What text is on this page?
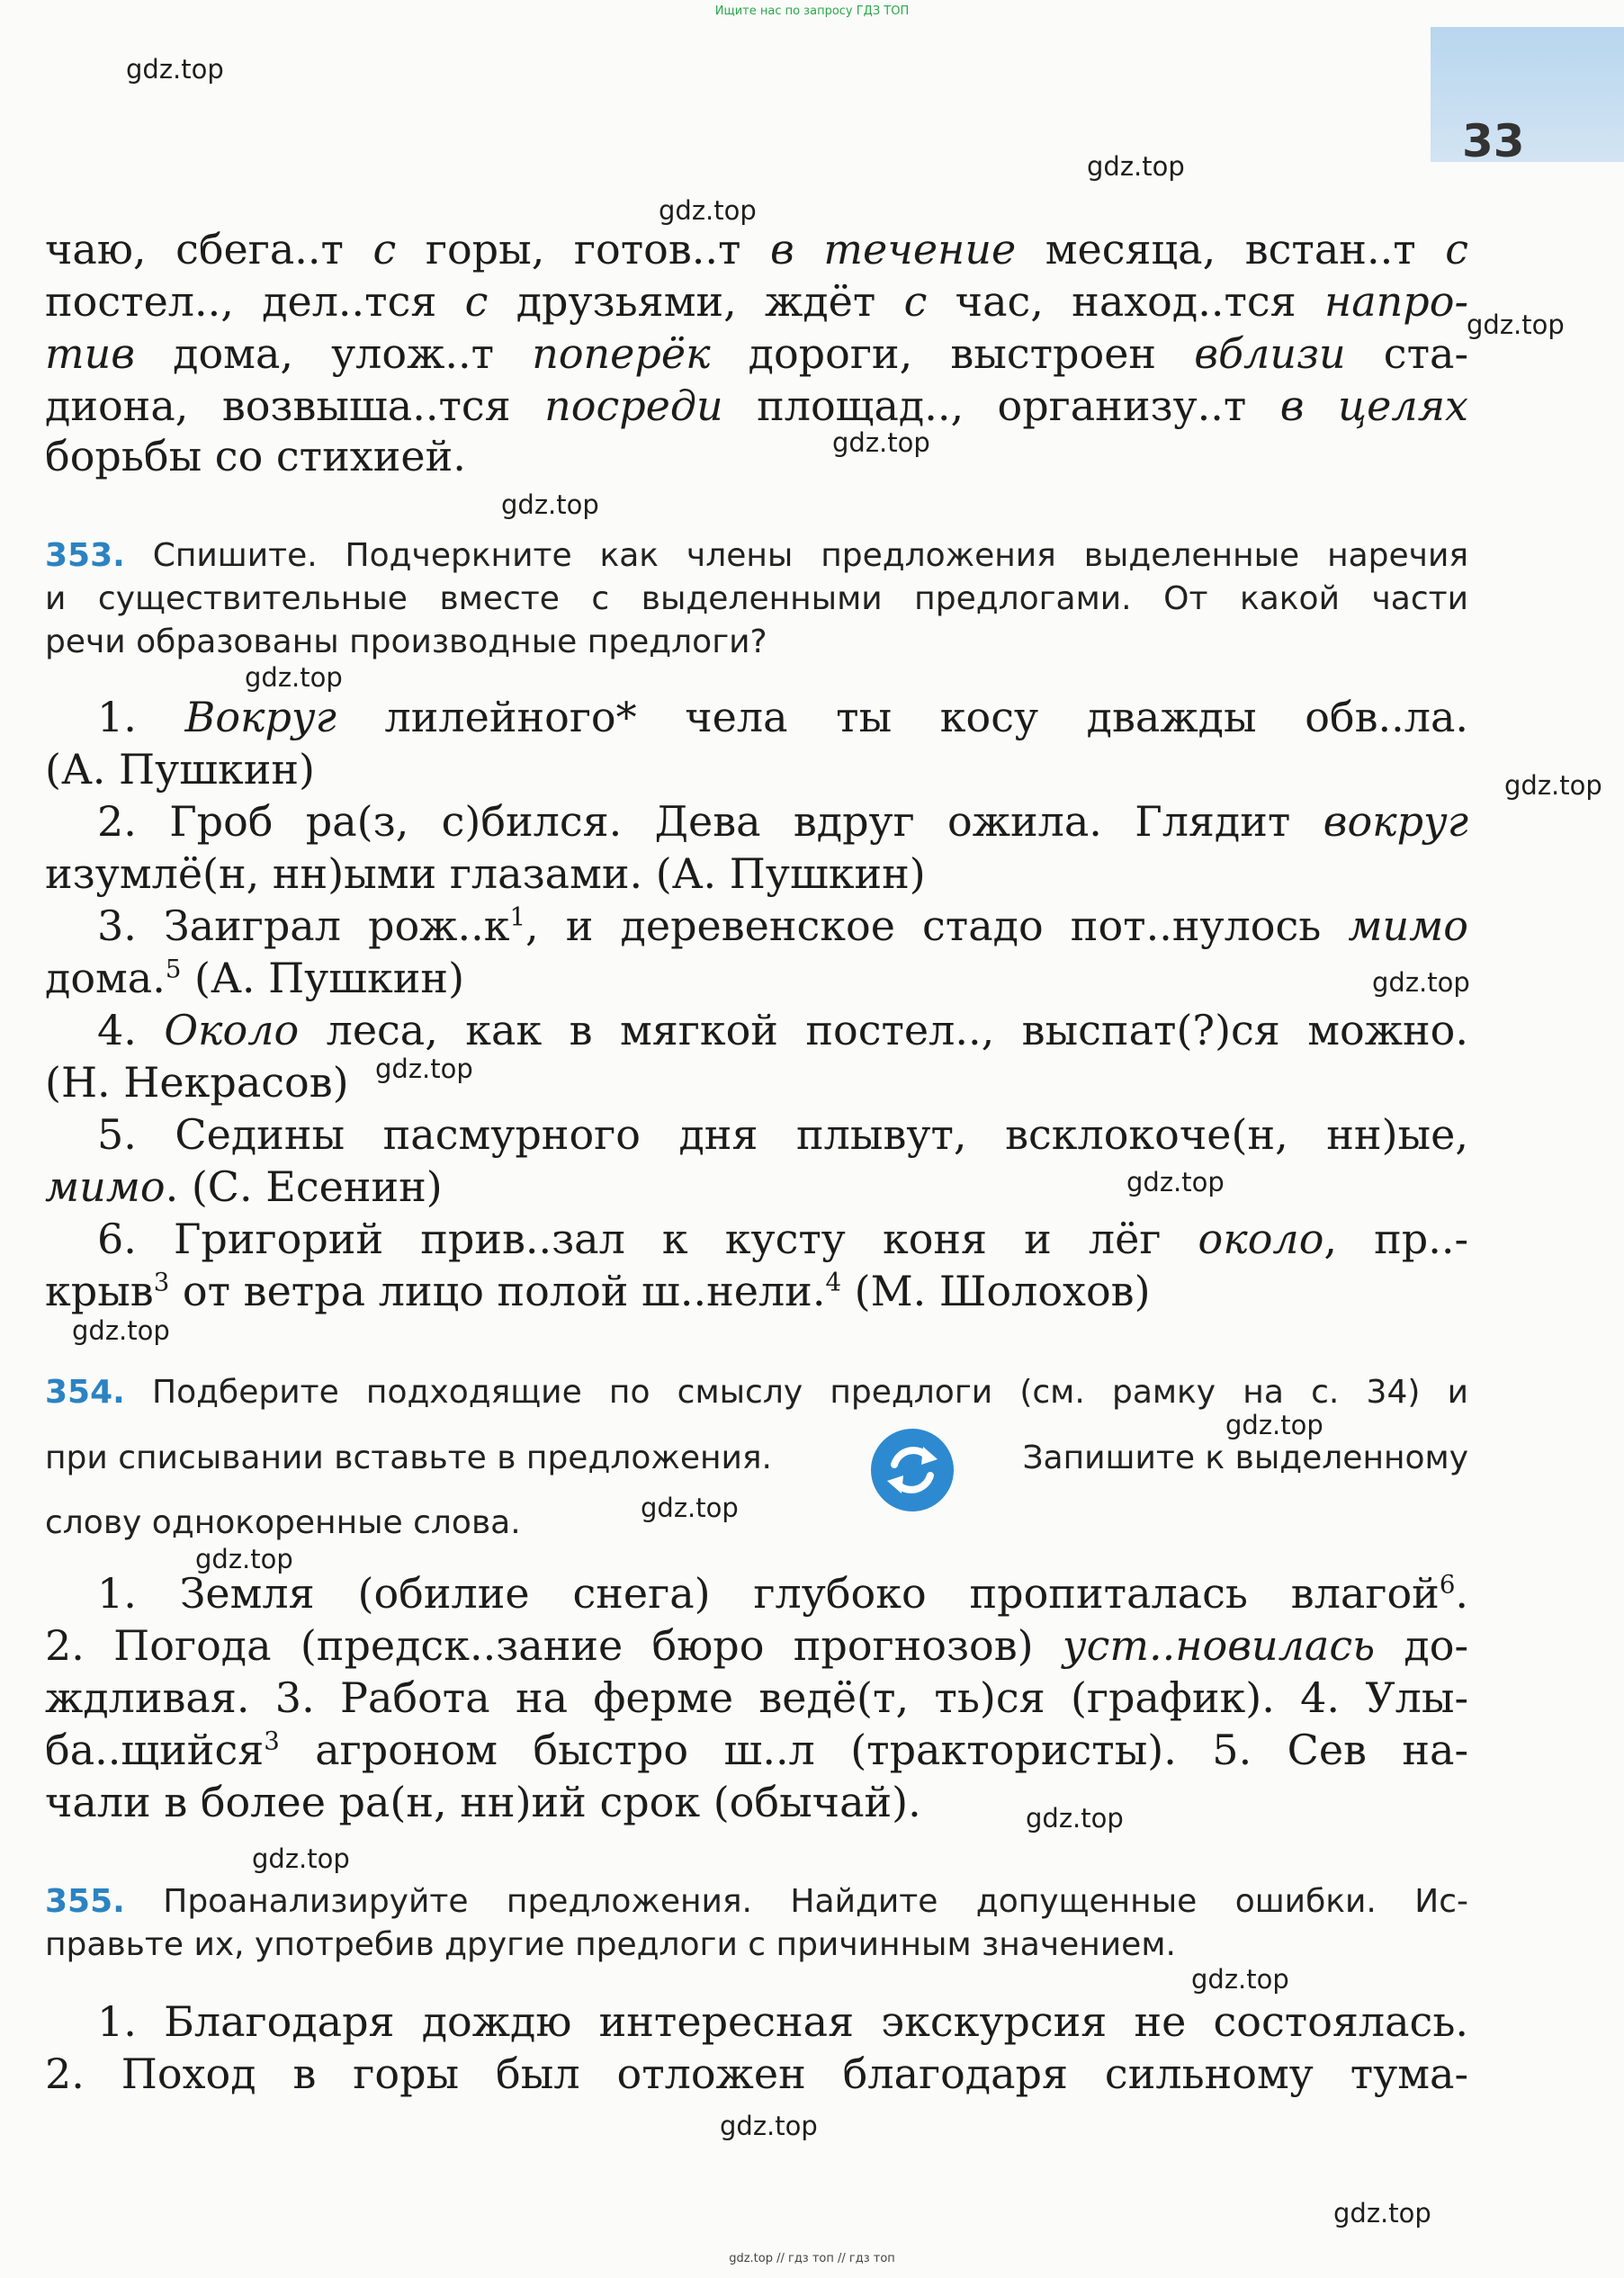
Ищите нас по запросу ГДЗ ТОП
33
чаю, сбега..т с горы, готов..т в течение месяца, встан..т с
постел.., дел..тся с друзьями, ждёт с час, наход..тся напро-
тив дома, улож..т поперёк дороги, выстроен вблизи ста-
диона, возвыша..тся посреди площад.., организу..т в целях
борьбы со стихией.
353. Спишите. Подчеркните как члены предложения выделенные наречия
и существительные вместе с выделенными предлогами. От какой части
речи образованы производные предлоги?
1. Вокруг лилейного* чела ты косу дважды обв..ла.
(А. Пушкин)
2. Гроб ра(з, с)бился. Дева вдруг ожила. Глядит вокруг
изумлё(н, нн)ыми глазами. (А. Пушкин)
3. Заиграл $рож..к^1$, и деревенское стадо пот..нулось мимо
дома.$^5$ (А. Пушкин)
4. Около леса, как в мягкой постел.., выспат(?)ся можно.
(Н. Некрасов)
5. Седины пасмурного дня плывут, всклокоче(н, нн)ые,
мимо. (С. Есенин)
6. Григорий прив..зал к кусту коня и лёг около, пр..-
крыв$^3$ от ветра лицо полой ш..нели.$^4$ (М. Шолохов)
354. Подберите подходящие по смыслу предлоги (см. рамку на с. 34) и
при списывании вставьте в предложения.	Запишите к выделенному
слову однокоренные слова.
1. Земля (обилие снега) глубоко пропиталась влагой$^6$.
2. Погода (предск..зание бюро прогнозов) уст..новилась до-
ждливая. 3. Работа на ферме ведё(т, ть)ся (график). 4. Улы-
ба..щийся$^3$ агроном быстро ш..л (трактористы). 5. Сев на-
чали в более ра(н, нн)ий срок (обычай).
355. Проанализируйте предложения. Найдите допущенные ошибки. Ис-
правьте их, употребив другие предлоги с причинным значением.
1. Благодаря дождю интересная экскурсия не состоялась.
2. Поход в горы был отложен благодаря сильному тума-
gdz.top
gdz.top
gdz.top
gdz.top
gdz.top
gdz.top
gdz.top
gdz.top
gdz.top
gdz.top
gdz.top
gdz.top
gdz.top
gdz.top
gdz.top
gdz.top
gdz.top
gdz.top
gdz.top
gdz.top
gdz.top // гдз топ // гдз топ
